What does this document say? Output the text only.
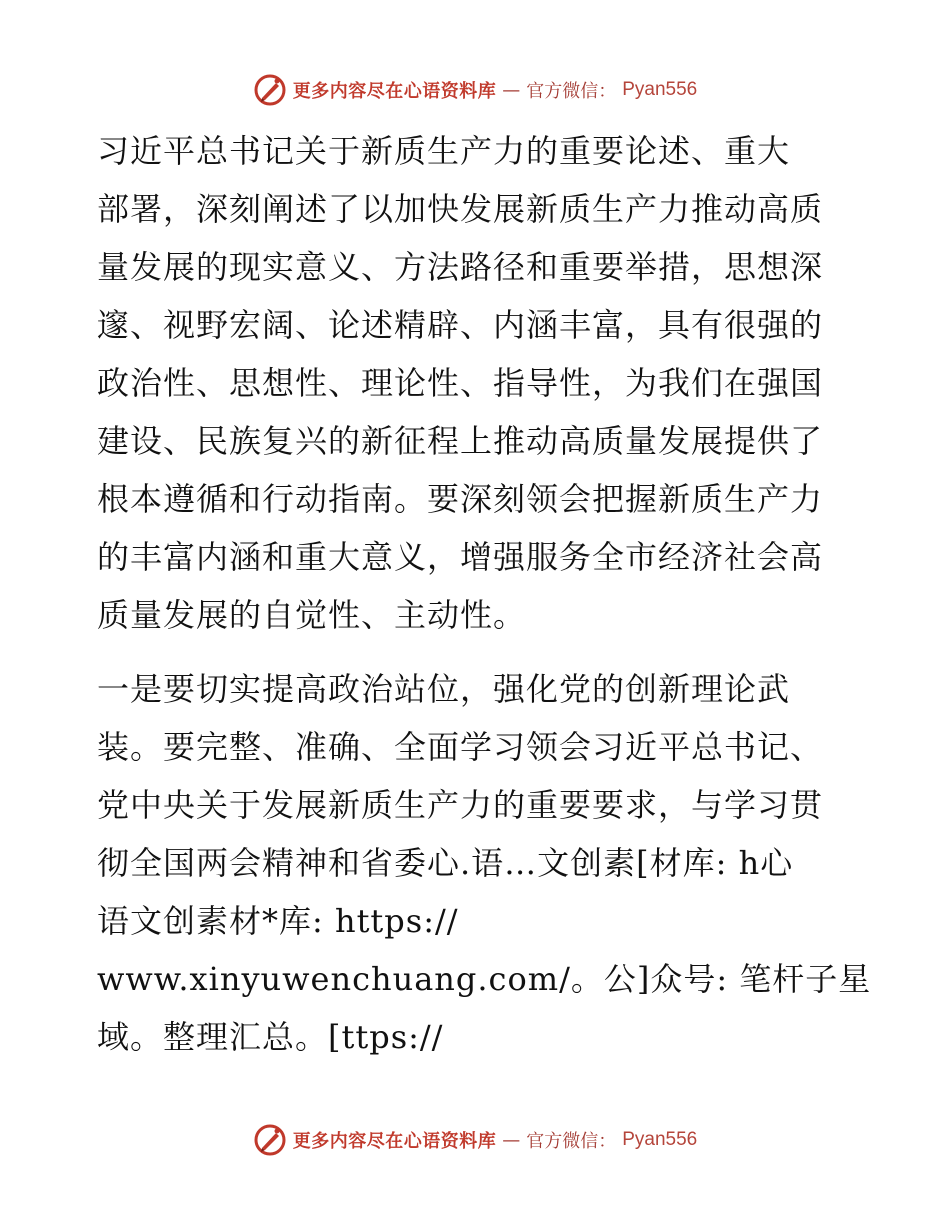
更多内容尽在心语资料库 — 官方微信： Pyan556

习近平总书记关于新质生产力的重要论述、重大
部署，深刻阐述了以加快发展新质生产力推动高质
量发展的现实意义、方法路径和重要举措，思想深
邃、视野宏阔、论述精辟、内涵丰富，具有很强的
政治性、思想性、理论性、指导性，为我们在强国
建设、民族复兴的新征程上推动高质量发展提供了
根本遵循和行动指南。要深刻领会把握新质生产力
的丰富内涵和重大意义，增强服务全市经济社会高
质量发展的自觉性、主动性。

一是要切实提高政治站位，强化党的创新理论武
装。要完整、准确、全面学习领会习近平总书记、
党中央关于发展新质生产力的重要要求，与学习贯
彻全国两会精神和省委心.语…文创素[材库: h心
语文创素材*库: https://
www.xinyuwenchuang.com/。公]众号: 笔杆子星
域。整理汇总。[ttps://

更多内容尽在心语资料库 — 官方微信： Pyan556
